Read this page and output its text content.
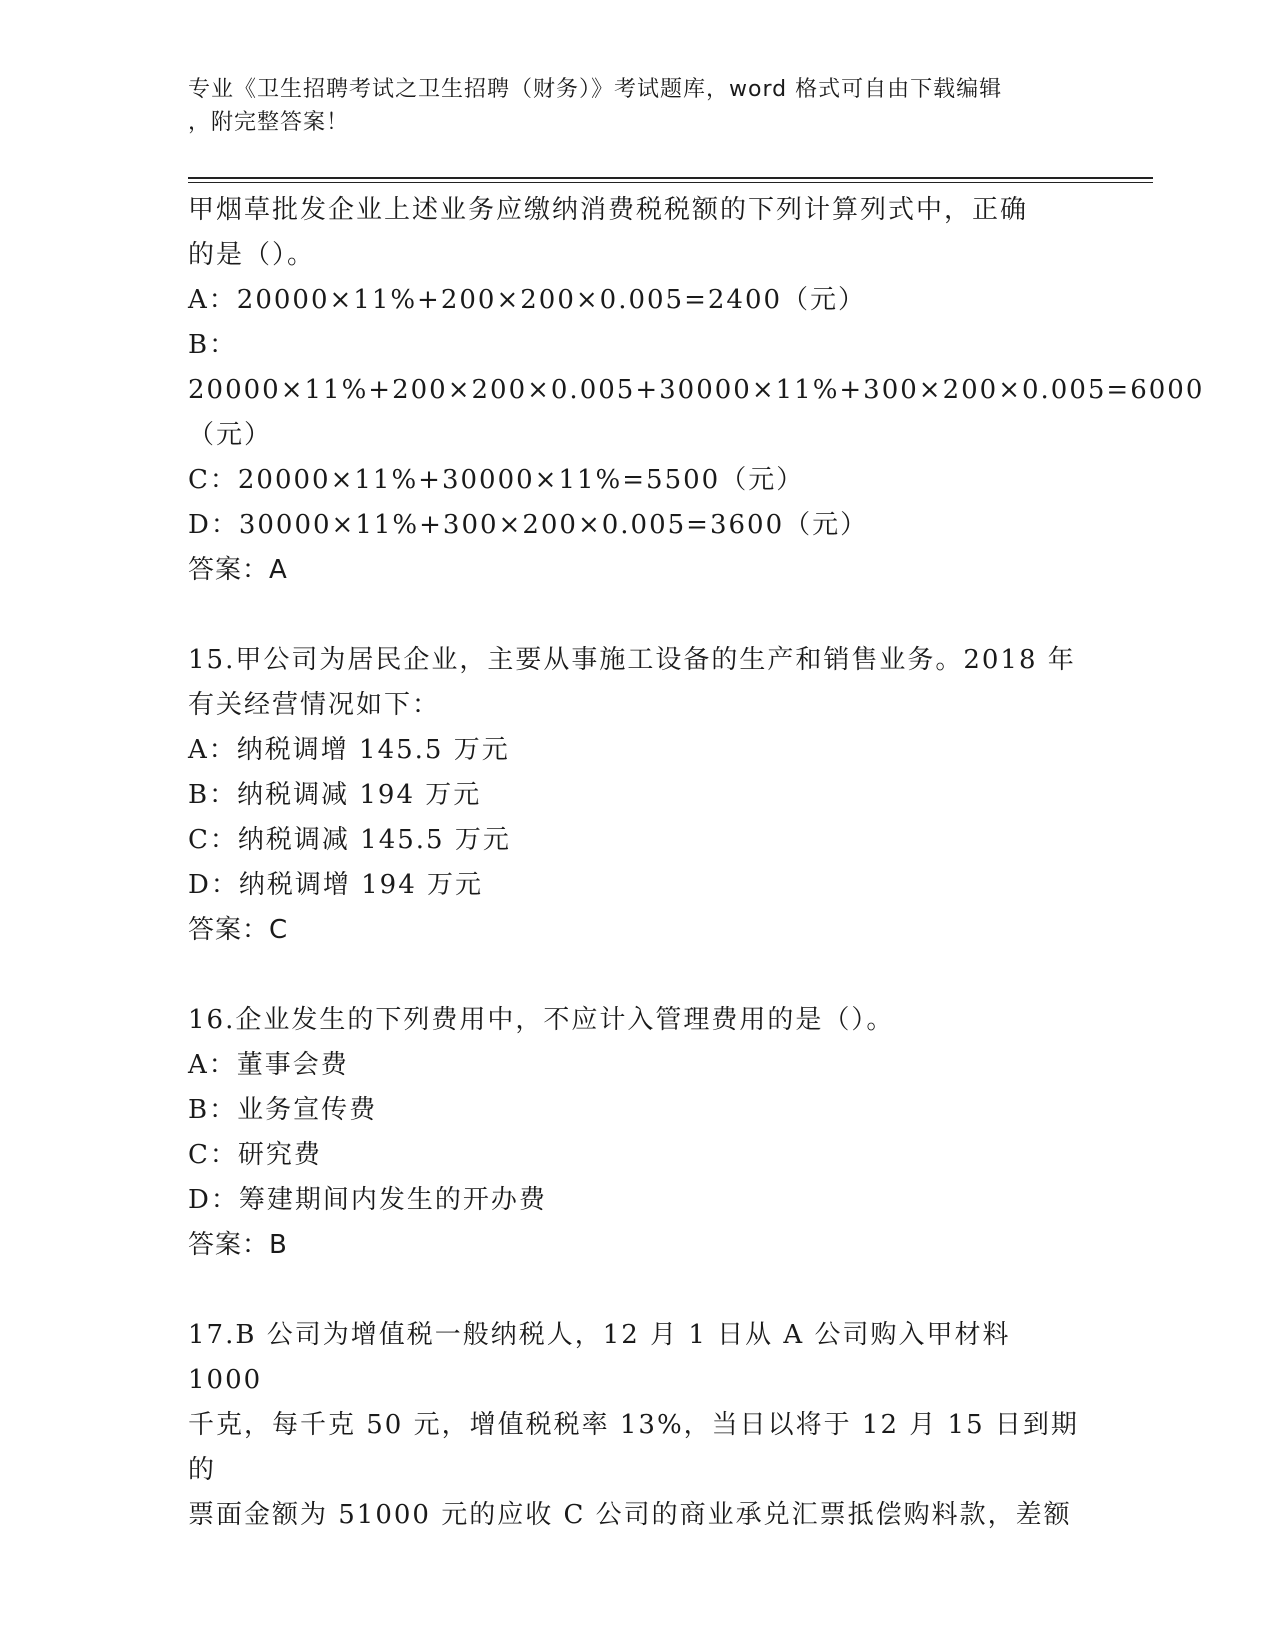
专业《卫生招聘考试之卫生招聘（财务）》考试题库，word 格式可自由下载编辑
，附完整答案！

甲烟草批发企业上述业务应缴纳消费税税额的下列计算列式中，正确

的是（）。

A：20000×11%+200×200×0.005=2400（元）

B：20000×11%+200×200×0.005+30000×11%+300×200×0.005=6000

（元）

C：20000×11%+30000×11%=5500（元）

D：30000×11%+300×200×0.005=3600（元）

答案：A

15.甲公司为居民企业，主要从事施工设备的生产和销售业务。2018 年

有关经营情况如下：

A：纳税调增 145.5 万元

B：纳税调减 194 万元

C：纳税调减 145.5 万元

D：纳税调增 194 万元

答案：C

16.企业发生的下列费用中，不应计入管理费用的是（）。

A：董事会费

B：业务宣传费

C：研究费

D：筹建期间内发生的开办费

答案：B

17.B 公司为增值税一般纳税人，12 月 1 日从 A 公司购入甲材料 1000

千克，每千克 50 元，增值税税率 13%，当日以将于 12 月 15 日到期的

票面金额为 51000 元的应收 C 公司的商业承兑汇票抵偿购料款，差额
